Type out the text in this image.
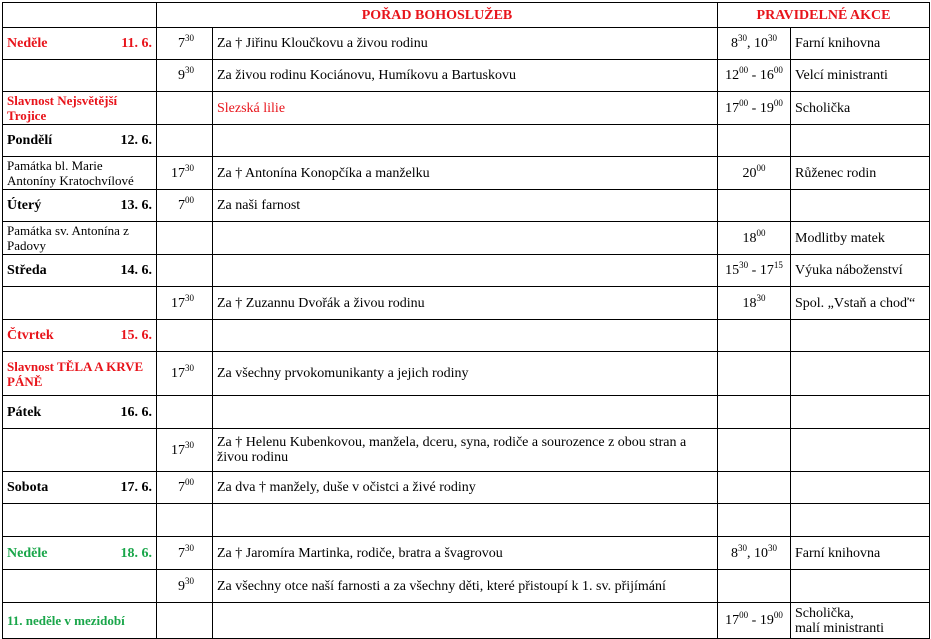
	POŘAD BOHOSLUŽEB		PRAVIDELNÉ AKCE	

Neděle 11. 6.	$7^{30}$	Za † Jiřinu Kloučkovu a živou rodinu	$8^{30}$, $10^{30}$	Farní knihovna
	$9^{30}$	Za živou rodinu Kociánovu, Humíkovu a Bartuskovu	$12^{00} - 16^{00}$	Velcí ministranti
Slavnost Nejsvětější Trojice		Slezská lilie	$17^{00} - 19^{00}$	Scholička

Pondělí 12. 6.				

Památka bl. Marie Antoníny Kratochvílové	$17^{30}$	Za † Antonína Konopčíka a manželku	$20^{00}$	Růženec rodin

Úterý 13. 6.	$7^{00}$	Za naši farnost		
Památka sv. Antonína z Padovy			$18^{00}$	Modlitby matek

Středa 14. 6.			$15^{30} - 17^{15}$	Výuka náboženství
	$17^{30}$	Za † Zuzannu Dvořák a živou rodinu	$18^{30}$	Spol. „Vstaň a choď“

Čtvrtek 15. 6.				

Slavnost TĚLA A KRVE PÁNĚ	$17^{30}$	Za všechny prvokomunikanty a jejich rodiny		

Pátek 16. 6.				

	$17^{30}$	Za † Helenu Kubenkovou, manžela, dceru, syna, rodiče a sourozence z obou stran a živou rodinu		

Sobota 17. 6.	$7^{00}$	Za dva † manžely, duše v očistci a živé rodiny		

Neděle 18. 6.	$7^{30}$	Za † Jaromíra Martinka, rodiče, bratra a švagrovou	$8^{30}$, $10^{30}$	Farní knihovna
	$9^{30}$	Za všechny otce naší farnosti a za všechny děti, které přistoupí k 1. sv. přijímání		
11. neděle v mezidobí			$17^{00} - 19^{00}$	Scholička,
malí ministranti
